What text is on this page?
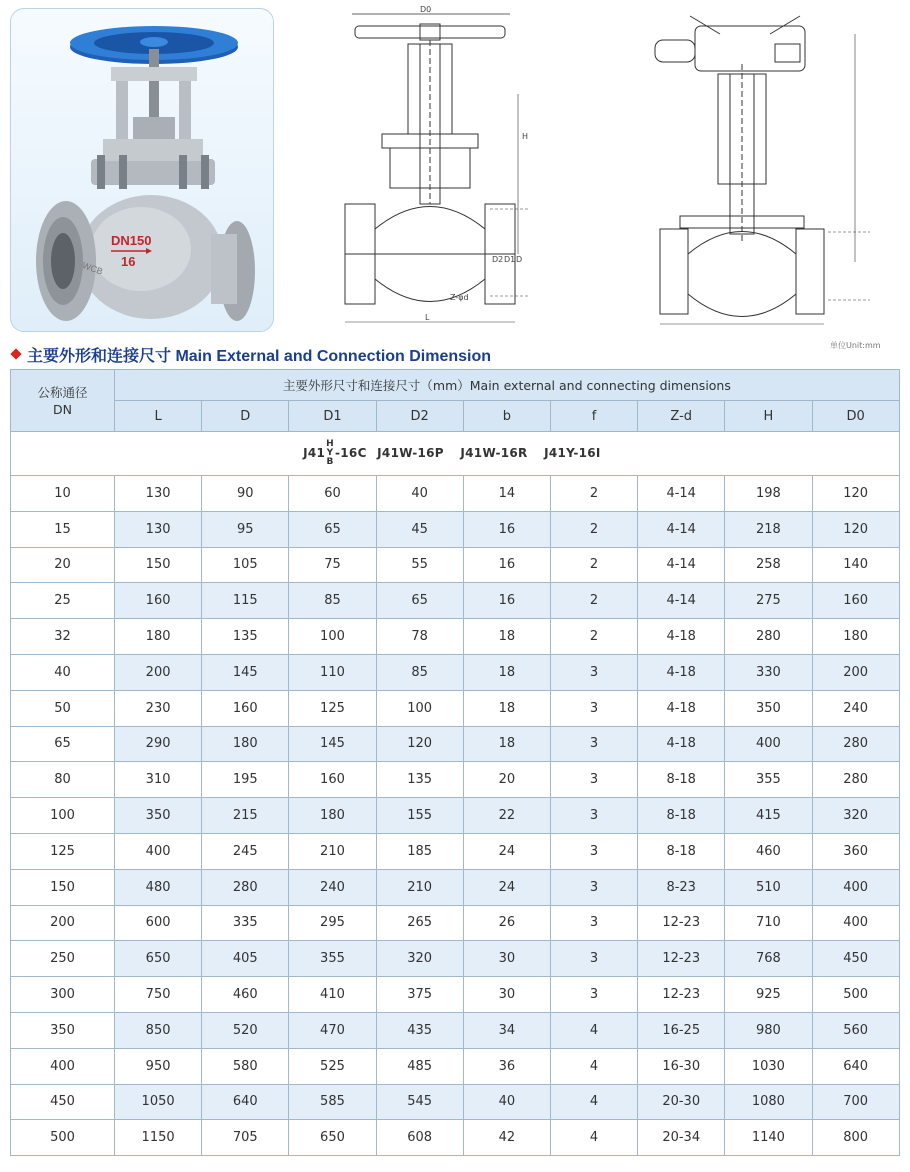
DN150
16
WCB
D0
H
L
Z-φd
D2 D1 D
单位Unit:mm
主要外形和连接尺寸 Main External and Connection Dimension
公称通径
DN	主要外形尺寸和连接尺寸（mm）Main external and connecting dimensions								
	L	D	D1	D2	b	f	Z-d	H	D0
J41
H
Y
B
-16C J41W-16P J41W-16R J41Y-16I									
10	130	90	60	40	14	2	4-14	198	120
15	130	95	65	45	16	2	4-14	218	120
20	150	105	75	55	16	2	4-14	258	140
25	160	115	85	65	16	2	4-14	275	160
32	180	135	100	78	18	2	4-18	280	180
40	200	145	110	85	18	3	4-18	330	200
50	230	160	125	100	18	3	4-18	350	240
65	290	180	145	120	18	3	4-18	400	280
80	310	195	160	135	20	3	8-18	355	280
100	350	215	180	155	22	3	8-18	415	320
125	400	245	210	185	24	3	8-18	460	360
150	480	280	240	210	24	3	8-23	510	400
200	600	335	295	265	26	3	12-23	710	400
250	650	405	355	320	30	3	12-23	768	450
300	750	460	410	375	30	3	12-23	925	500
350	850	520	470	435	34	4	16-25	980	560
400	950	580	525	485	36	4	16-30	1030	640
450	1050	640	585	545	40	4	20-30	1080	700
500	1150	705	650	608	42	4	20-34	1140	800
